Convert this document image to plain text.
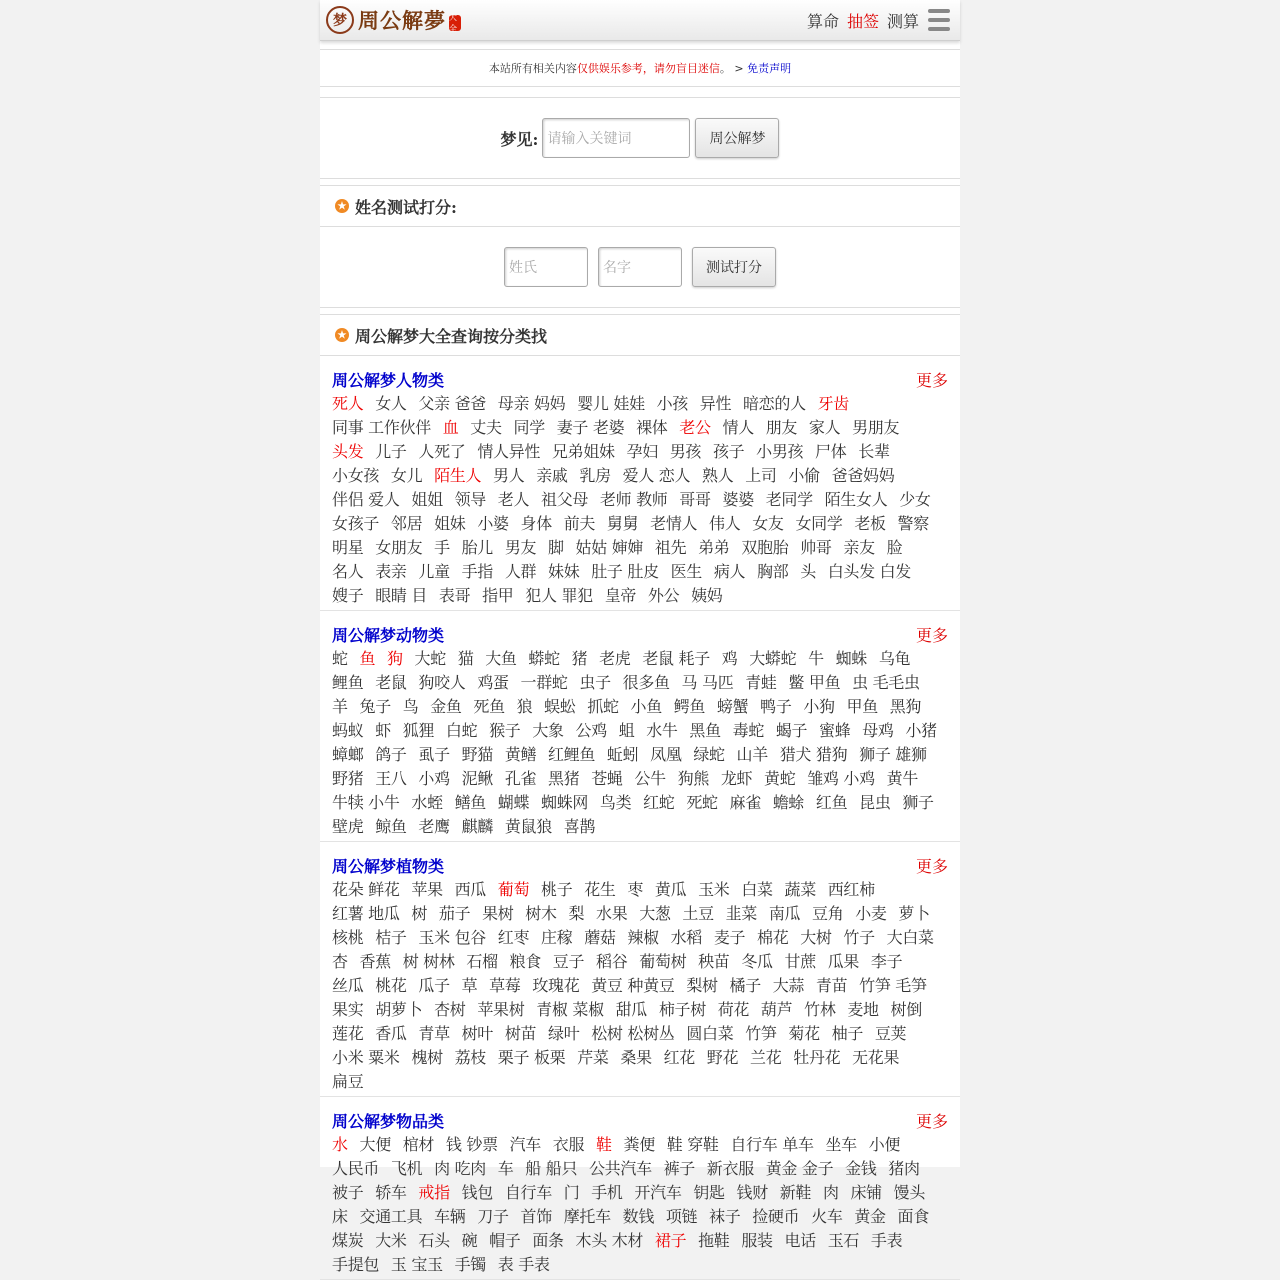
梦 周公解夢 大全	算命 抽签 测算
本站所有相关内容 仅供娱乐参考，请勿盲目迷信 。 > 免责声明
梦见:
请输入关键词	周公解梦
★ 姓名测试打分:
姓氏
名字
测试打分
★ 周公解梦大全查询按分类找
周公解梦人物类	更多
死人 女人 父亲 爸爸 母亲 妈妈 婴儿 娃娃 小孩 异性 暗恋的人 牙齿 同事 工作伙伴 血 丈夫 同学 妻子 老婆 裸体 老公 情人 朋友 家人 男朋友 头发 儿子 人死了 情人异性 兄弟姐妹 孕妇 男孩 孩子 小男孩 尸体 长辈 小女孩 女儿 陌生人 男人 亲戚 乳房 爱人 恋人 熟人 上司 小偷 爸爸妈妈 伴侣 爱人 姐姐 领导 老人 祖父母 老师 教师 哥哥 婆婆 老同学 陌生女人 少女 女孩子 邻居 姐妹 小婆 身体 前夫 舅舅 老情人 伟人 女友 女同学 老板 警察 明星 女朋友 手 胎儿 男友 脚 姑姑 婶婶 祖先 弟弟 双胞胎 帅哥 亲友 脸 名人 表亲 儿童 手指 人群 妹妹 肚子 肚皮 医生 病人 胸部 头 白头发 白发 嫂子 眼睛 目 表哥 指甲 犯人 罪犯 皇帝 外公 姨妈
周公解梦动物类	更多
蛇 鱼 狗 大蛇 猫 大鱼 蟒蛇 猪 老虎 老鼠 耗子 鸡 大蟒蛇 牛 蜘蛛 乌龟 鲤鱼 老鼠 狗咬人 鸡蛋 一群蛇 虫子 很多鱼 马 马匹 青蛙 鳖 甲鱼 虫 毛毛虫 羊 兔子 鸟 金鱼 死鱼 狼 蜈蚣 抓蛇 小鱼 鳄鱼 螃蟹 鸭子 小狗 甲鱼 黑狗 蚂蚁 虾 狐狸 白蛇 猴子 大象 公鸡 蛆 水牛 黑鱼 毒蛇 蝎子 蜜蜂 母鸡 小猪 蟑螂 鸽子 虱子 野猫 黄鳝 红鲤鱼 蚯蚓 凤凰 绿蛇 山羊 猎犬 猎狗 狮子 雄狮 野猪 王八 小鸡 泥鳅 孔雀 黑猪 苍蝇 公牛 狗熊 龙虾 黄蛇 雏鸡 小鸡 黄牛 牛犊 小牛 水蛭 鳝鱼 蝴蝶 蜘蛛网 鸟类 红蛇 死蛇 麻雀 蟾蜍 红鱼 昆虫 狮子 壁虎 鲸鱼 老鹰 麒麟 黄鼠狼 喜鹊
周公解梦植物类	更多
花朵 鲜花 苹果 西瓜 葡萄 桃子 花生 枣 黄瓜 玉米 白菜 蔬菜 西红柿 红薯 地瓜 树 茄子 果树 树木 梨 水果 大葱 土豆 韭菜 南瓜 豆角 小麦 萝卜 核桃 桔子 玉米 包谷 红枣 庄稼 蘑菇 辣椒 水稻 麦子 棉花 大树 竹子 大白菜 杏 香蕉 树 树林 石榴 粮食 豆子 稻谷 葡萄树 秧苗 冬瓜 甘蔗 瓜果 李子 丝瓜 桃花 瓜子 草 草莓 玫瑰花 黄豆 种黄豆 梨树 橘子 大蒜 青苗 竹笋 毛笋 果实 胡萝卜 杏树 苹果树 青椒 菜椒 甜瓜 柿子树 荷花 葫芦 竹林 麦地 树倒 莲花 香瓜 青草 树叶 树苗 绿叶 松树 松树丛 圆白菜 竹笋 菊花 柚子 豆荚 小米 粟米 槐树 荔枝 栗子 板栗 芹菜 桑果 红花 野花 兰花 牡丹花 无花果 扁豆
周公解梦物品类	更多
水 大便 棺材 钱 钞票 汽车 衣服 鞋 粪便 鞋 穿鞋 自行车 单车 坐车 小便 人民币 飞机 肉 吃肉 车 船 船只 公共汽车 裤子 新衣服 黄金 金子 金钱 猪肉 被子 轿车 戒指 钱包 自行车 门 手机 开汽车 钥匙 钱财 新鞋 肉 床铺 馒头 床 交通工具 车辆 刀子 首饰 摩托车 数钱 项链 袜子 捡硬币 火车 黄金 面食 煤炭 大米 石头 碗 帽子 面条 木头 木材 裙子 拖鞋 服装 电话 玉石 手表 手提包 玉 宝玉 手镯 表 手表
